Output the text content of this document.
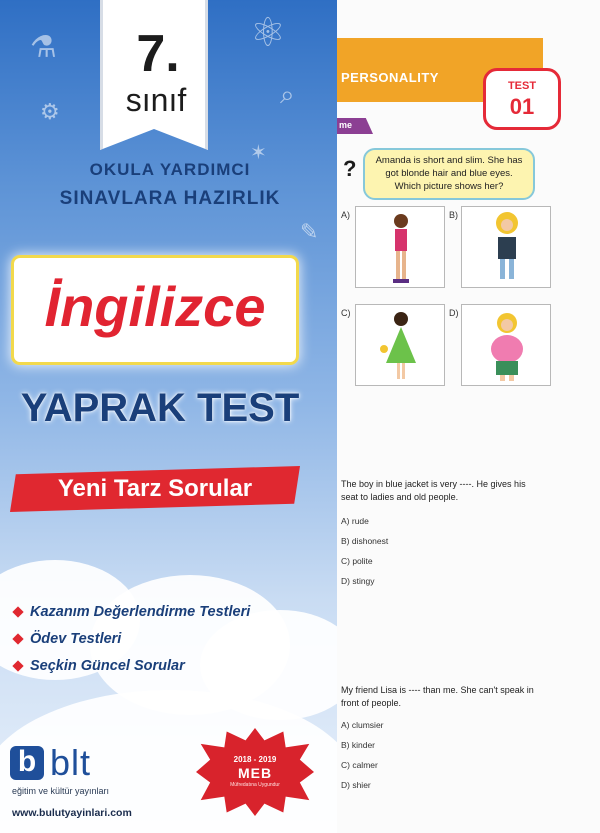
⚛
⚗
⌕
⚙
✶
✎
7.
sınıf
OKULA YARDIMCI
SINAVLARA HAZIRLIK
İngilizce
YAPRAK TEST
Yeni Tarz Sorular
Kazanım Değerlendirme Testleri
Ödev Testleri
Seçkin Güncel Sorular
b blt
eğitim ve kültür yayınları
www.bulutyayinlari.com
2018 - 2019
MEB
Müfredatına Uygundur
PERSONALITY
me
TEST
01
?	Amanda is short and slim. She has got blonde hair and blue eyes. Which picture shows her?
A)	B)
C)	D)
The boy in blue jacket is very ----. He gives his seat to ladies and old people.
A) rude
B) dishonest
C) polite
D) stingy
My friend Lisa is ---- than me. She can't speak in front of people.
A) clumsier
B) kinder
C) calmer
D) shier
